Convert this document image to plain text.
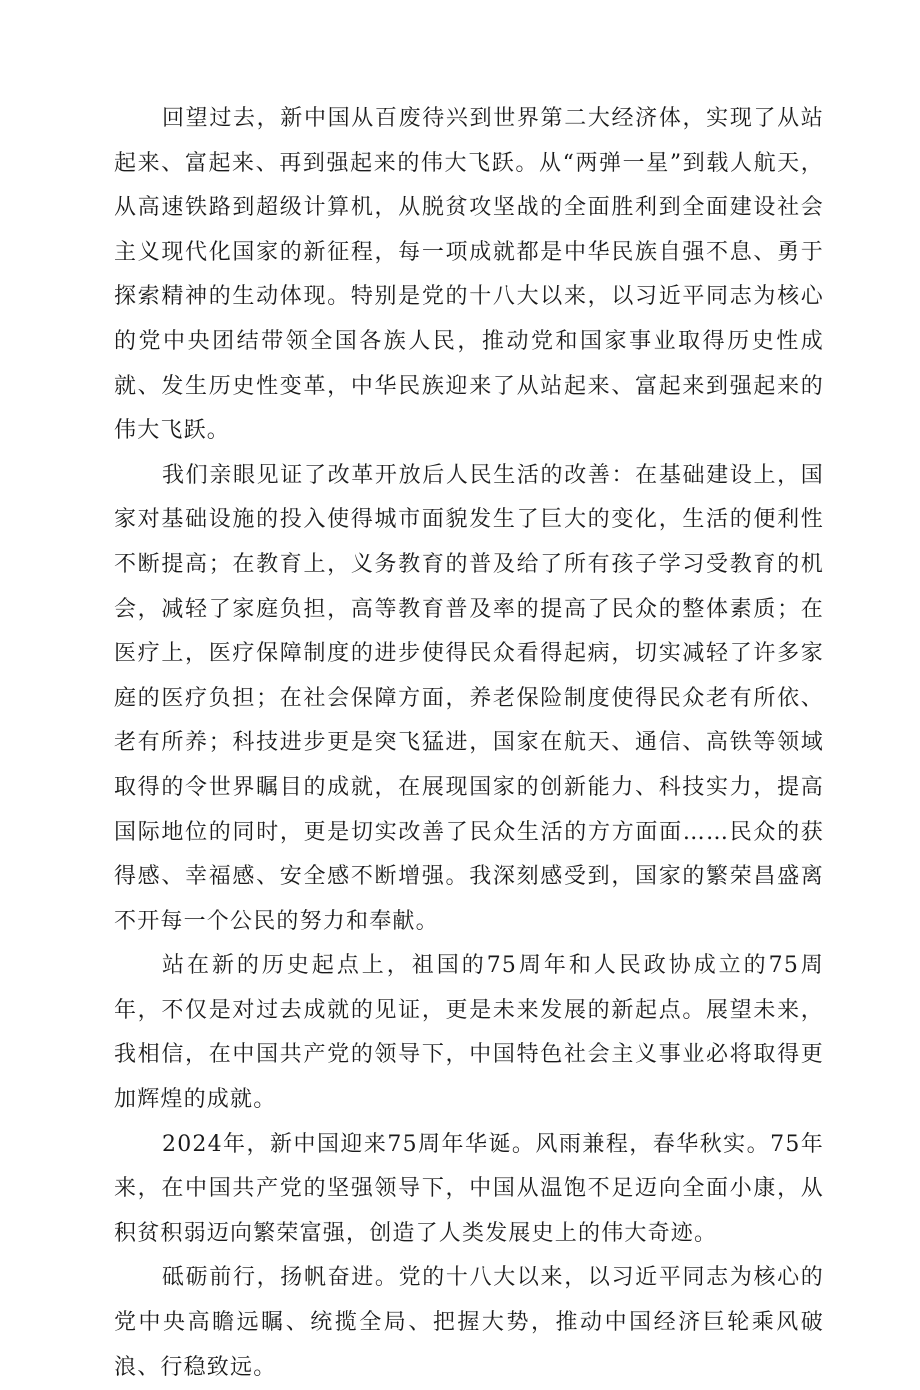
回望过去，新中国从百废待兴到世界第二大经济体，实现了从站起来、富起来、再到强起来的伟大飞跃。从“两弹一星”到载人航天，从高速铁路到超级计算机，从脱贫攻坚战的全面胜利到全面建设社会主义现代化国家的新征程，每一项成就都是中华民族自强不息、勇于探索精神的生动体现。特别是党的十八大以来，以习近平同志为核心的党中央团结带领全国各族人民，推动党和国家事业取得历史性成就、发生历史性变革，中华民族迎来了从站起来、富起来到强起来的伟大飞跃。

我们亲眼见证了改革开放后人民生活的改善：在基础建设上，国家对基础设施的投入使得城市面貌发生了巨大的变化，生活的便利性不断提高；在教育上，义务教育的普及给了所有孩子学习受教育的机会，减轻了家庭负担，高等教育普及率的提高了民众的整体素质；在医疗上，医疗保障制度的进步使得民众看得起病，切实减轻了许多家庭的医疗负担；在社会保障方面，养老保险制度使得民众老有所依、老有所养；科技进步更是突飞猛进，国家在航天、通信、高铁等领域取得的令世界瞩目的成就，在展现国家的创新能力、科技实力，提高国际地位的同时，更是切实改善了民众生活的方方面面……民众的获得感、幸福感、安全感不断增强。我深刻感受到，国家的繁荣昌盛离不开每一个公民的努力和奉献。

站在新的历史起点上，祖国的75周年和人民政协成立的75周年，不仅是对过去成就的见证，更是未来发展的新起点。展望未来，我相信，在中国共产党的领导下，中国特色社会主义事业必将取得更加辉煌的成就。

2024年，新中国迎来75周年华诞。风雨兼程，春华秋实。75年来，在中国共产党的坚强领导下，中国从温饱不足迈向全面小康，从积贫积弱迈向繁荣富强，创造了人类发展史上的伟大奇迹。

砥砺前行，扬帆奋进。党的十八大以来，以习近平同志为核心的党中央高瞻远瞩、统揽全局、把握大势，推动中国经济巨轮乘风破浪、行稳致远。
